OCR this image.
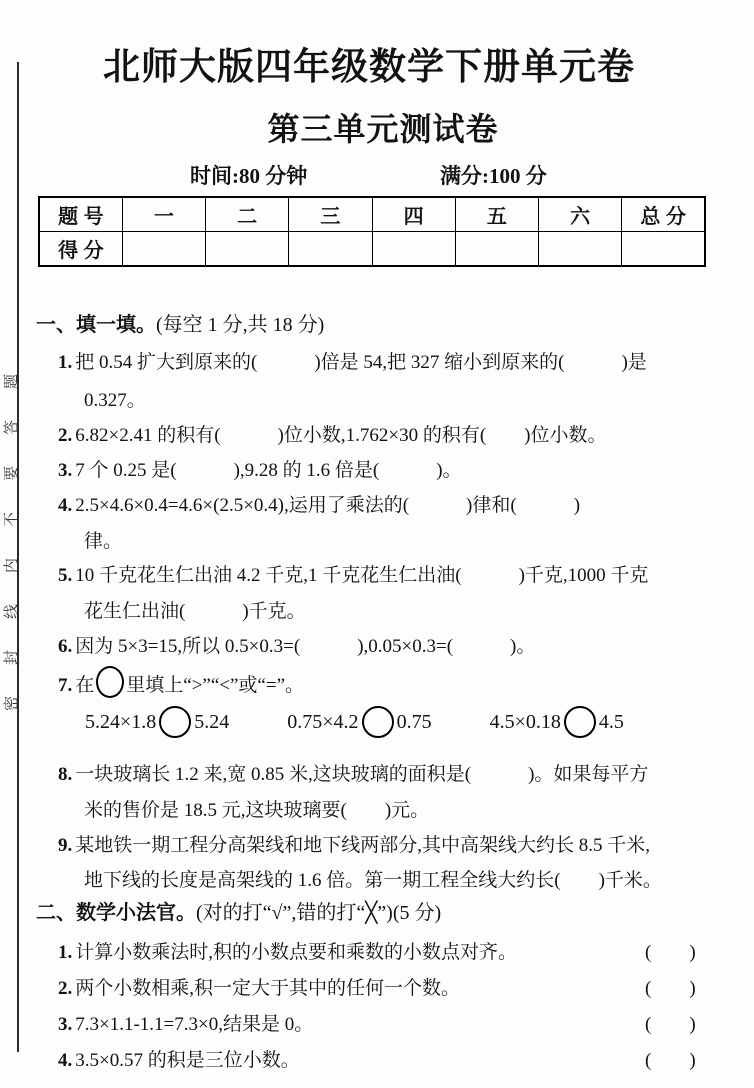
密封线内不要答题
北师大版四年级数学下册单元卷
第三单元测试卷
时间:80 分钟	满分:100 分
题 号	一	二	三	四	五	六	总 分
得 分							
一、填一填。(每空 1 分,共 18 分)
1. 把 0.54 扩大到原来的(            )倍是 54,把 327 缩小到原来的(            )是
0.327。
2. 6.82×2.41 的积有(            )位小数,1.762×30 的积有(        )位小数。
3. 7 个 0.25 是(            ),9.28 的 1.6 倍是(            )。
4. 2.5×4.6×0.4=4.6×(2.5×0.4),运用了乘法的(            )律和(            )
律。
5. 10 千克花生仁出油 4.2 千克,1 千克花生仁出油(            )千克,1000 千克
花生仁出油(            )千克。
6. 因为 5×3=15,所以 0.5×0.3=(            ),0.05×0.3=(            )。
7. 在 里填上“>”“<”或“=”。
5.24×1.8 5.24	0.75×4.2 0.75	4.5×0.18 4.5
8. 一块玻璃长 1.2 来,宽 0.85 米,这块玻璃的面积是(            )。如果每平方
米的售价是 18.5 元,这块玻璃要(        )元。
9. 某地铁一期工程分高架线和地下线两部分,其中高架线大约长 8.5 千米,
地下线的长度是高架线的 1.6 倍。第一期工程全线大约长(        )千米。
二、数学小法官。(对的打“√”,错的打“╳”)(5 分)
1. 计算小数乘法时,积的小数点要和乘数的小数点对齐。	(        )
2. 两个小数相乘,积一定大于其中的任何一个数。	(        )
3. 7.3×1.1-1.1=7.3×0,结果是 0。	(        )
4. 3.5×0.57 的积是三位小数。	(        )
